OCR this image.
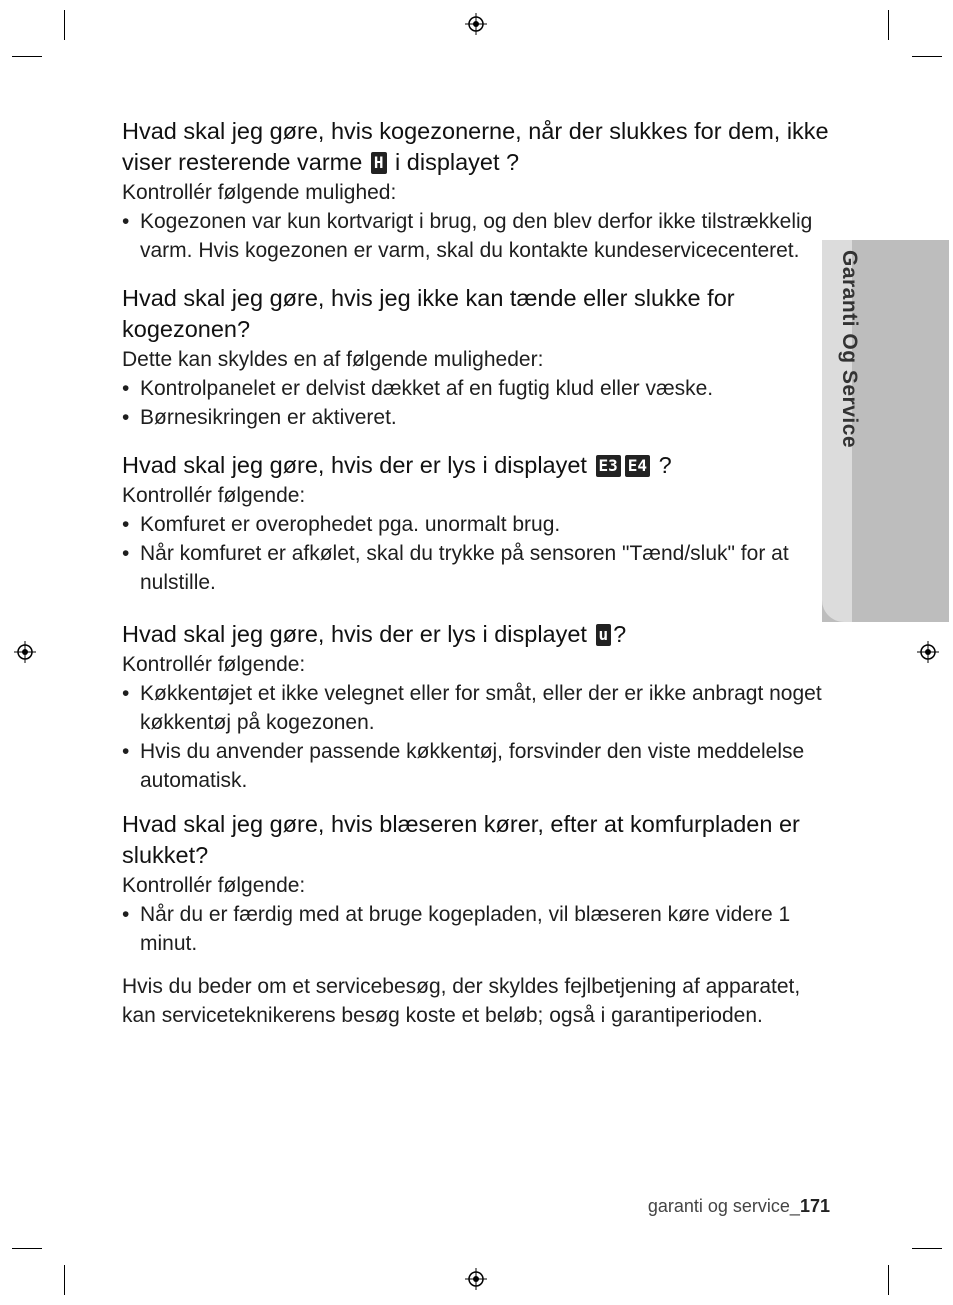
Garanti Og Service
Hvad skal jeg gøre, hvis kogezonerne, når der slukkes for dem, ikke viser resterende varme H i displayet ?

Kontrollér følgende mulighed:

• Kogezonen var kun kortvarigt i brug, og den blev derfor ikke tilstrækkelig varm. Hvis kogezonen er varm, skal du kontakte kundeservicecenteret.
Hvad skal jeg gøre, hvis jeg ikke kan tænde eller slukke for kogezonen?

Dette kan skyldes en af følgende muligheder:

• Kontrolpanelet er delvist dækket af en fugtig klud eller væske.
• Børnesikringen er aktiveret.
Hvad skal jeg gøre, hvis der er lys i displayet E3 E4 ?

Kontrollér følgende:

• Komfuret er overophedet pga. unormalt brug.
• Når komfuret er afkølet, skal du trykke på sensoren "Tænd/sluk" for at nulstille.
Hvad skal jeg gøre, hvis der er lys i displayet u ?

Kontrollér følgende:

• Køkkentøjet et ikke velegnet eller for småt, eller der er ikke anbragt noget køkkentøj på kogezonen.
• Hvis du anvender passende køkkentøj, forsvinder den viste meddelelse automatisk.
Hvad skal jeg gøre, hvis blæseren kører, efter at komfurpladen er slukket?

Kontrollér følgende:

• Når du er færdig med at bruge kogepladen, vil blæseren køre videre 1 minut.

Hvis du beder om et servicebesøg, der skyldes fejlbetjening af apparatet, kan serviceteknikerens besøg koste et beløb; også i garantiperioden.

garanti og service_171
